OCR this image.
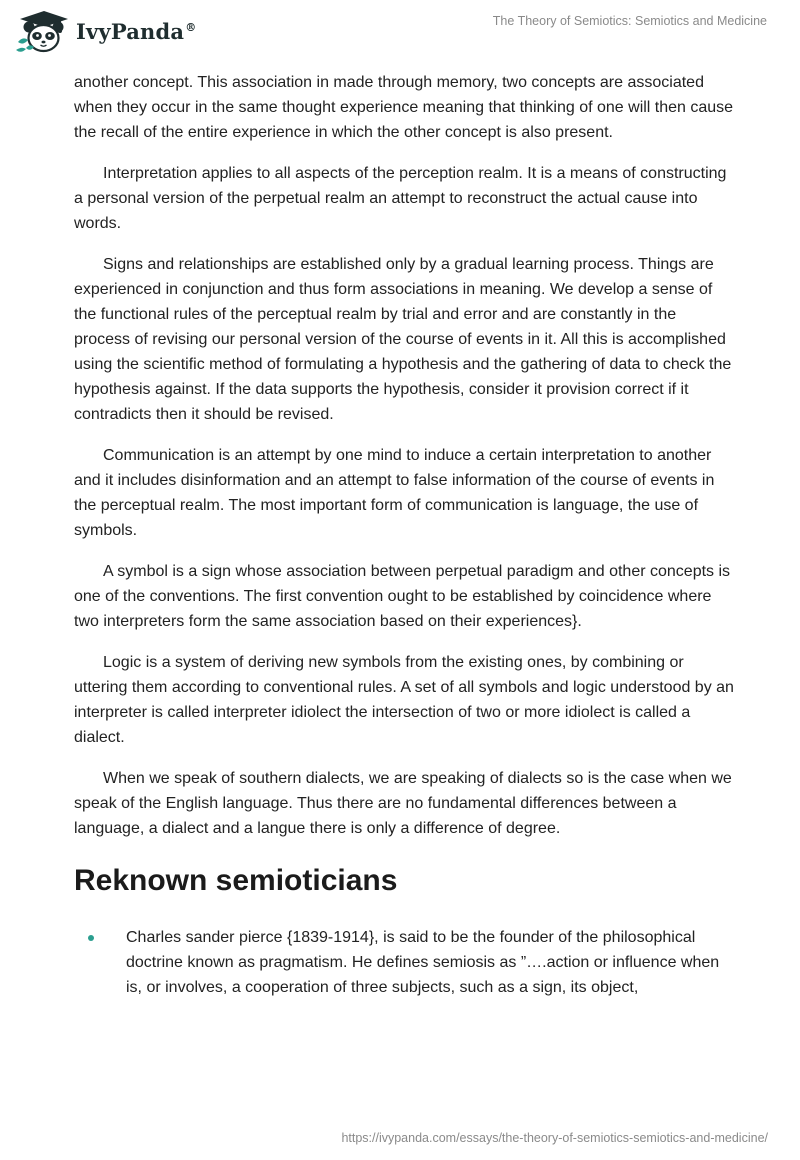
IvyPanda®	The Theory of Semiotics: Semiotics and Medicine

another concept. This association in made through memory, two concepts are associated when they occur in the same thought experience meaning that thinking of one will then cause the recall of the entire experience in which the other concept is also present.

Interpretation applies to all aspects of the perception realm. It is a means of constructing a personal version of the perpetual realm an attempt to reconstruct the actual cause into words.

Signs and relationships are established only by a gradual learning process. Things are experienced in conjunction and thus form associations in meaning. We develop a sense of the functional rules of the perceptual realm by trial and error and are constantly in the process of revising our personal version of the course of events in it. All this is accomplished using the scientific method of formulating a hypothesis and the gathering of data to check the hypothesis against. If the data supports the hypothesis, consider it provision correct if it contradicts then it should be revised.

Communication is an attempt by one mind to induce a certain interpretation to another and it includes disinformation and an attempt to false information of the course of events in the perceptual realm. The most important form of communication is language, the use of symbols.

A symbol is a sign whose association between perpetual paradigm and other concepts is one of the conventions. The first convention ought to be established by coincidence where two interpreters form the same association based on their experiences}.

Logic is a system of deriving new symbols from the existing ones, by combining or uttering them according to conventional rules. A set of all symbols and logic understood by an interpreter is called interpreter idiolect the intersection of two or more idiolect is called a dialect.

When we speak of southern dialects, we are speaking of dialects so is the case when we speak of the English language. Thus there are no fundamental differences between a language, a dialect and a langue there is only a difference of degree.

Reknown semioticians
Charles sander pierce {1839-1914}, is said to be the founder of the philosophical doctrine known as pragmatism. He defines semiosis as ”….action or influence when is, or involves, a cooperation of three subjects, such as a sign, its object,
https://ivypanda.com/essays/the-theory-of-semiotics-semiotics-and-medicine/
